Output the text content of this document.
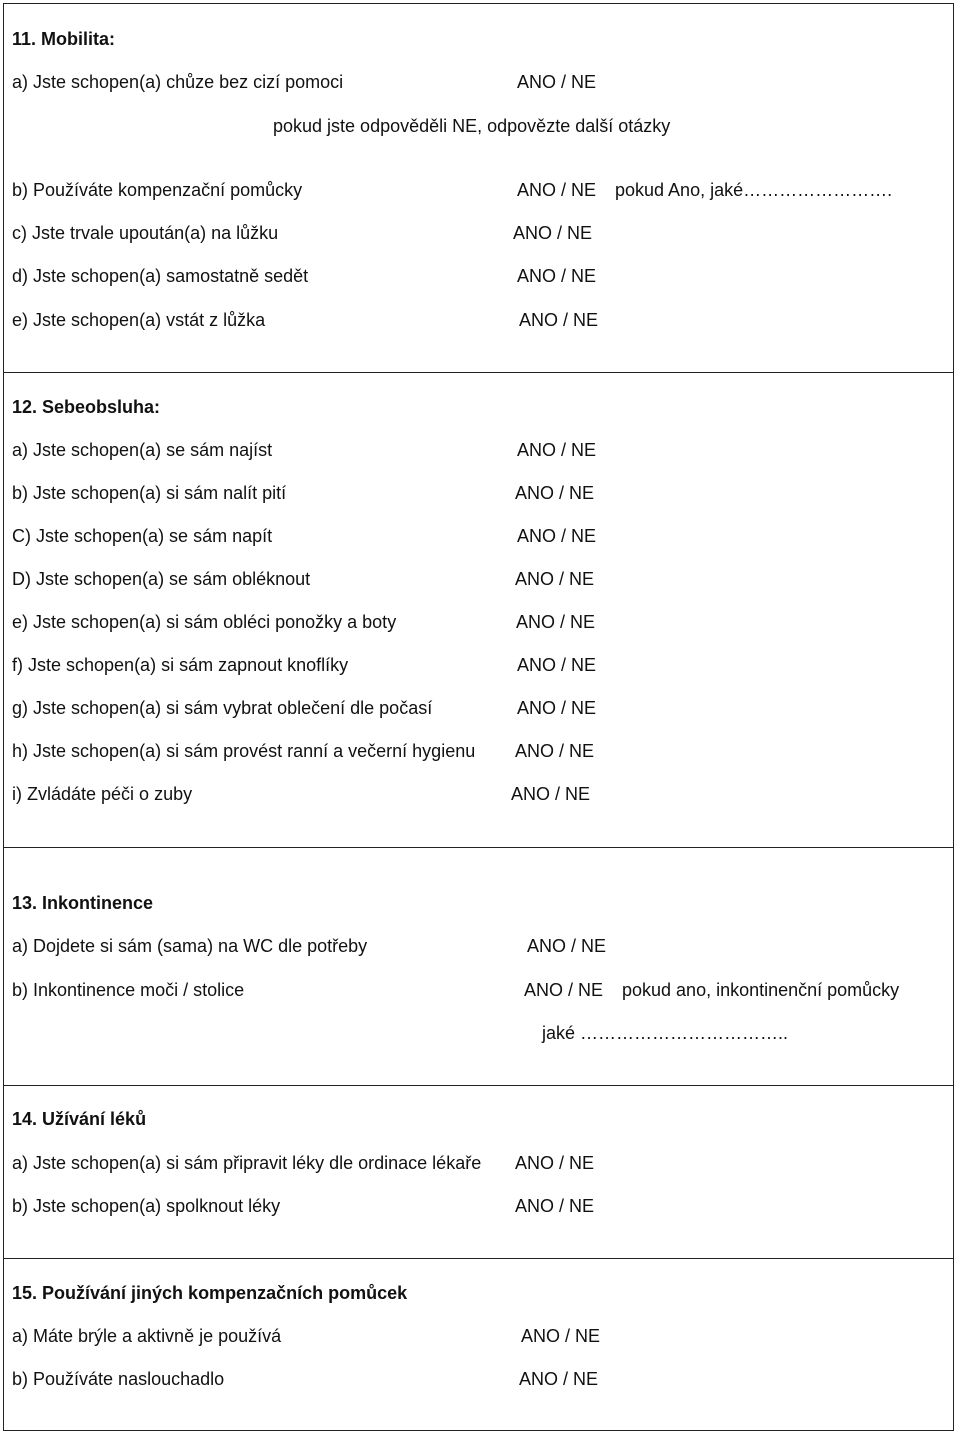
11. Mobilita:
a) Jste schopen(a) chůze bez cizí pomoci	ANO / NE
pokud jste odpověděli NE, odpovězte další otázky
b) Používáte kompenzační pomůcky	ANO / NE pokud Ano, jaké…………………….
c) Jste trvale upoután(a) na lůžku	ANO / NE
d) Jste schopen(a) samostatně sedět	ANO / NE
e) Jste schopen(a) vstát z lůžka	ANO / NE
12. Sebeobsluha:
a) Jste schopen(a) se sám najíst	ANO / NE
b) Jste schopen(a) si sám nalít pití	ANO / NE
C) Jste schopen(a) se sám napít	ANO / NE
D) Jste schopen(a) se sám obléknout	ANO / NE
e) Jste schopen(a) si sám obléci ponožky a boty	ANO / NE
f) Jste schopen(a) si sám zapnout knoflíky	ANO / NE
g) Jste schopen(a) si sám vybrat oblečení dle počasí	ANO / NE
h) Jste schopen(a) si sám provést ranní a večerní hygienu ANO / NE
i) Zvládáte péči o zuby	ANO / NE
13. Inkontinence
a) Dojdete si sám (sama) na WC dle potřeby	ANO / NE
b) Inkontinence moči / stolice	ANO / NE pokud ano, inkontinenční pomůcky
jaké ……………………………..
14. Užívání léků
a) Jste schopen(a) si sám připravit léky dle ordinace lékaře ANO / NE
b) Jste schopen(a) spolknout léky	ANO / NE
15. Používání jiných kompenzačních pomůcek
a) Máte brýle a aktivně je používá	ANO / NE
b) Používáte naslouchadlo	ANO / NE
